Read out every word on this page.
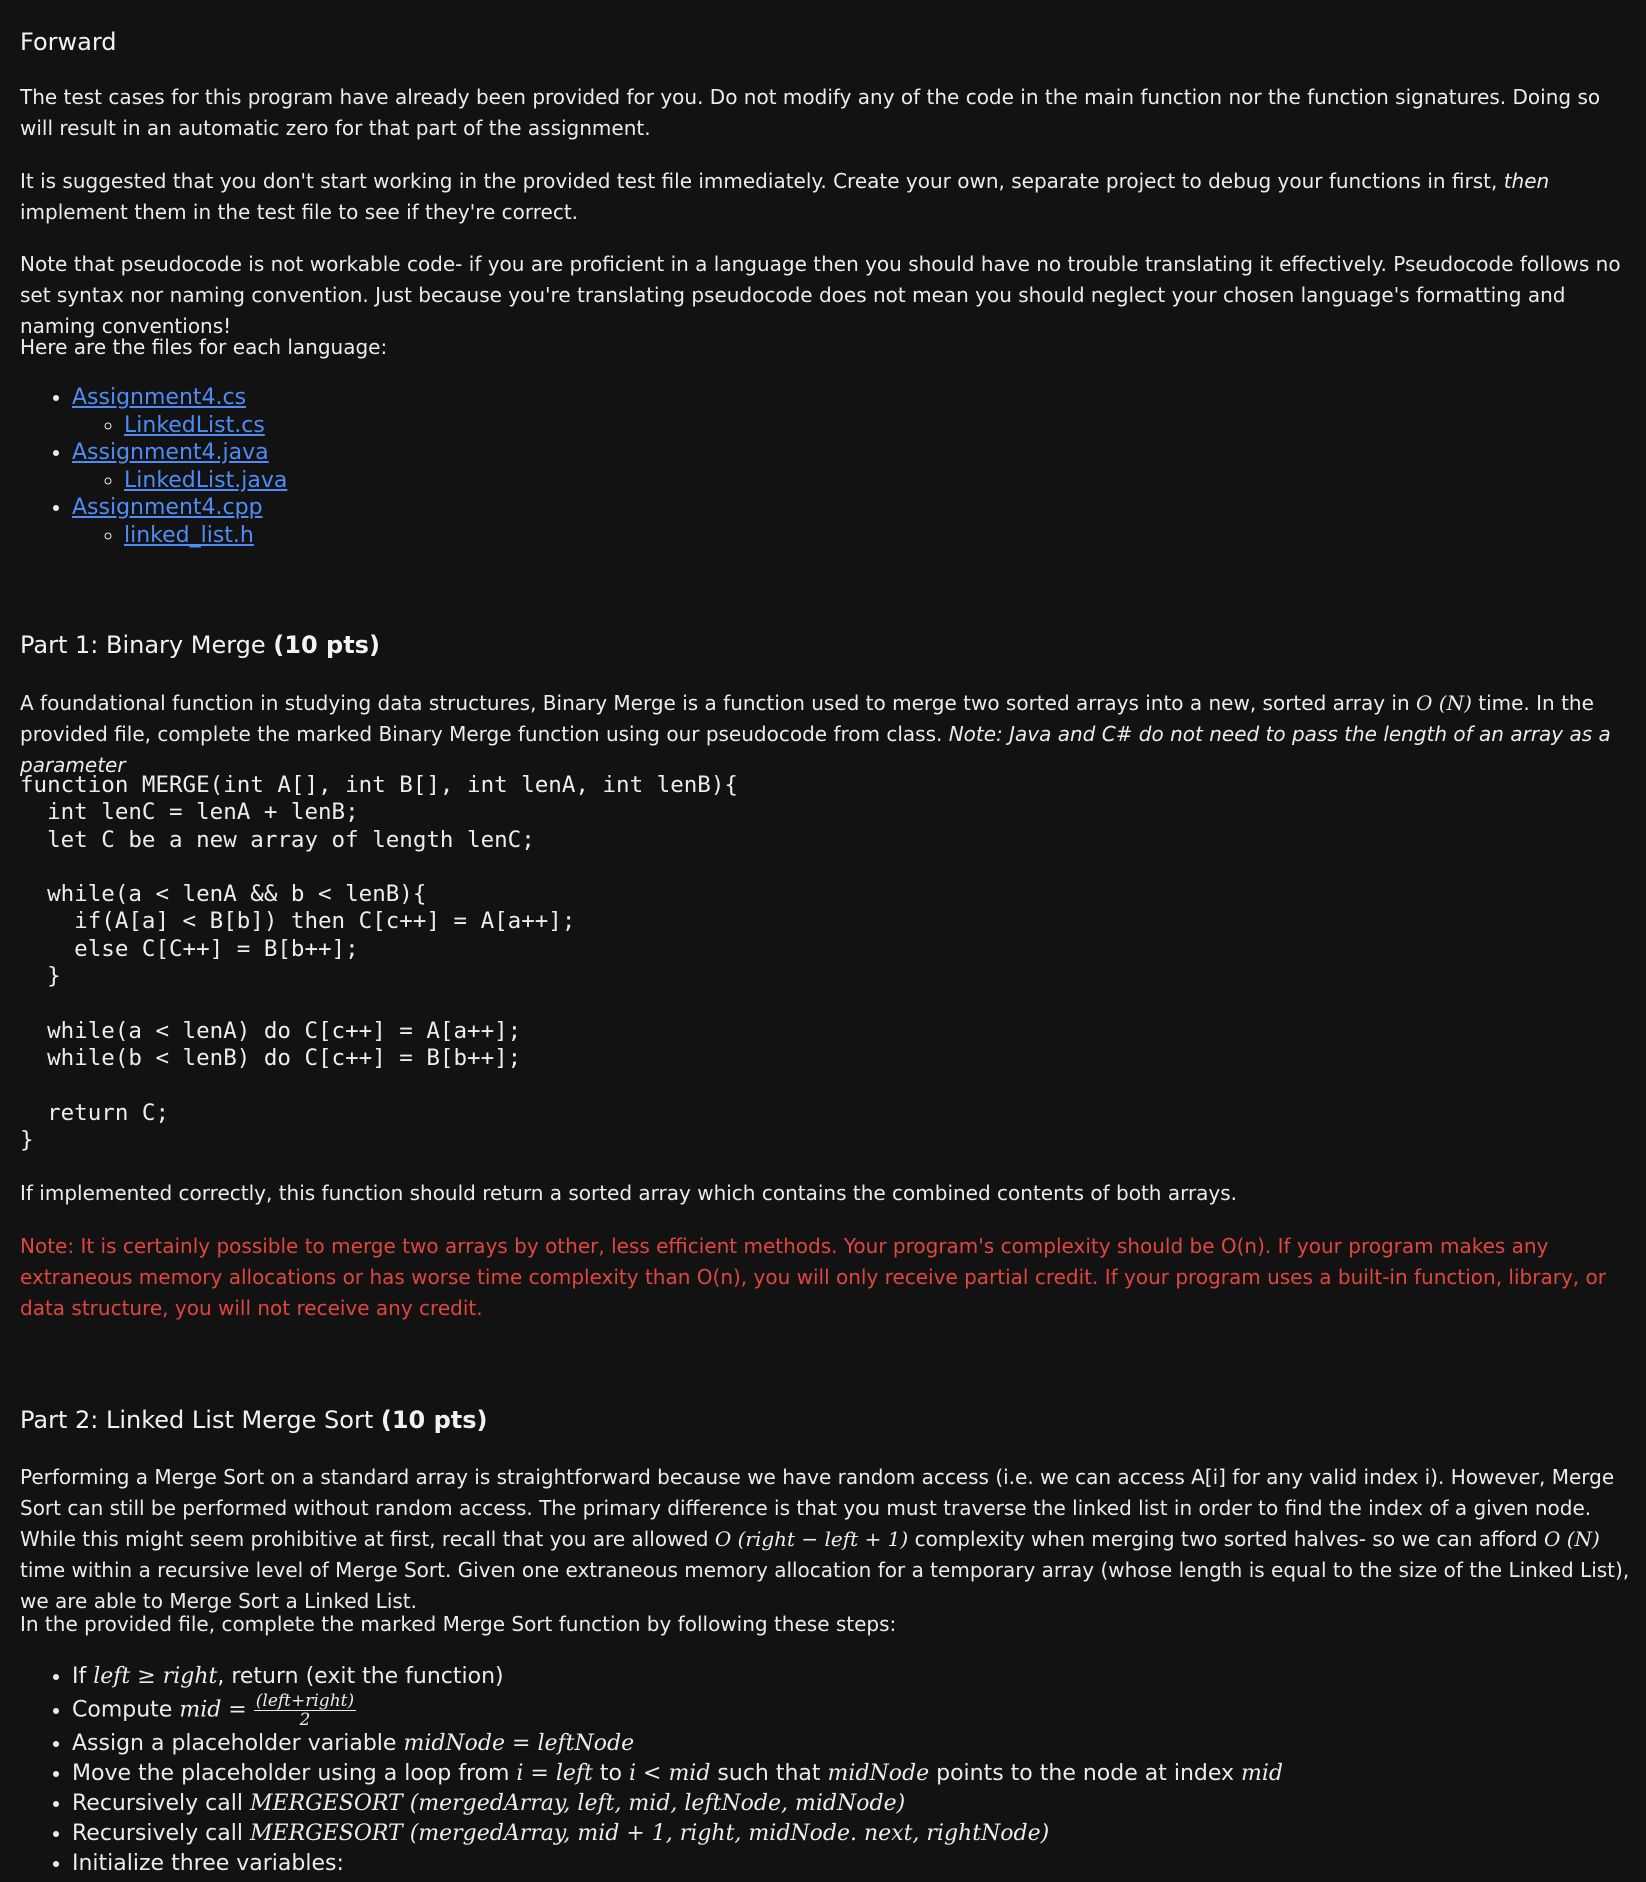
Forward

The test cases for this program have already been provided for you. Do not modify any of the code in the main function nor the function signatures. Doing so will result in an automatic zero for that part of the assignment.

It is suggested that you don't start working in the provided test file immediately. Create your own, separate project to debug your functions in first, then implement them in the test file to see if they're correct.

Note that pseudocode is not workable code- if you are proficient in a language then you should have no trouble translating it effectively. Pseudocode follows no set syntax nor naming convention. Just because you're translating pseudocode does not mean you should neglect your chosen language's formatting and naming conventions!

Here are the files for each language:

• Assignment4.cs
◦ LinkedList.cs
• Assignment4.java
◦ LinkedList.java
• Assignment4.cpp
◦ linked_list.h
Part 1: Binary Merge (10 pts)

A foundational function in studying data structures, Binary Merge is a function used to merge two sorted arrays into a new, sorted array in O (N) time. In the provided file, complete the marked Binary Merge function using our pseudocode from class. Note: Java and C# do not need to pass the length of an array as a parameter

function MERGE(int A[], int B[], int lenA, int lenB){
int lenC = lenA + lenB;
let C be a new array of length lenC;

while(a < lenA && b < lenB){
if(A[a] < B[b]) then C[c++] = A[a++];
else C[C++] = B[b++];
}

while(a < lenA) do C[c++] = A[a++];
while(b < lenB) do C[c++] = B[b++];

return C;
}

If implemented correctly, this function should return a sorted array which contains the combined contents of both arrays.

Note: It is certainly possible to merge two arrays by other, less efficient methods. Your program's complexity should be O(n). If your program makes any extraneous memory allocations or has worse time complexity than O(n), you will only receive partial credit. If your program uses a built-in function, library, or data structure, you will not receive any credit.

Part 2: Linked List Merge Sort (10 pts)

Performing a Merge Sort on a standard array is straightforward because we have random access (i.e. we can access A[i] for any valid index i). However, Merge Sort can still be performed without random access. The primary difference is that you must traverse the linked list in order to find the index of a given node. While this might seem prohibitive at first, recall that you are allowed O (right − left + 1) complexity when merging two sorted halves- so we can afford O (N) time within a recursive level of Merge Sort. Given one extraneous memory allocation for a temporary array (whose length is equal to the size of the Linked List), we are able to Merge Sort a Linked List.

In the provided file, complete the marked Merge Sort function by following these steps:

• If left ≥ right, return (exit the function)
• Compute mid = $\frac{\text{(left+right)}}{2}$
• Assign a placeholder variable midNode = leftNode
• Move the placeholder using a loop from i = left to i < mid such that midNode points to the node at index mid
• Recursively call MERGESORT (mergedArray, left, mid, leftNode, midNode)
• Recursively call MERGESORT (mergedArray, mid + 1, right, midNode. next, rightNode)
• Initialize three variables:
